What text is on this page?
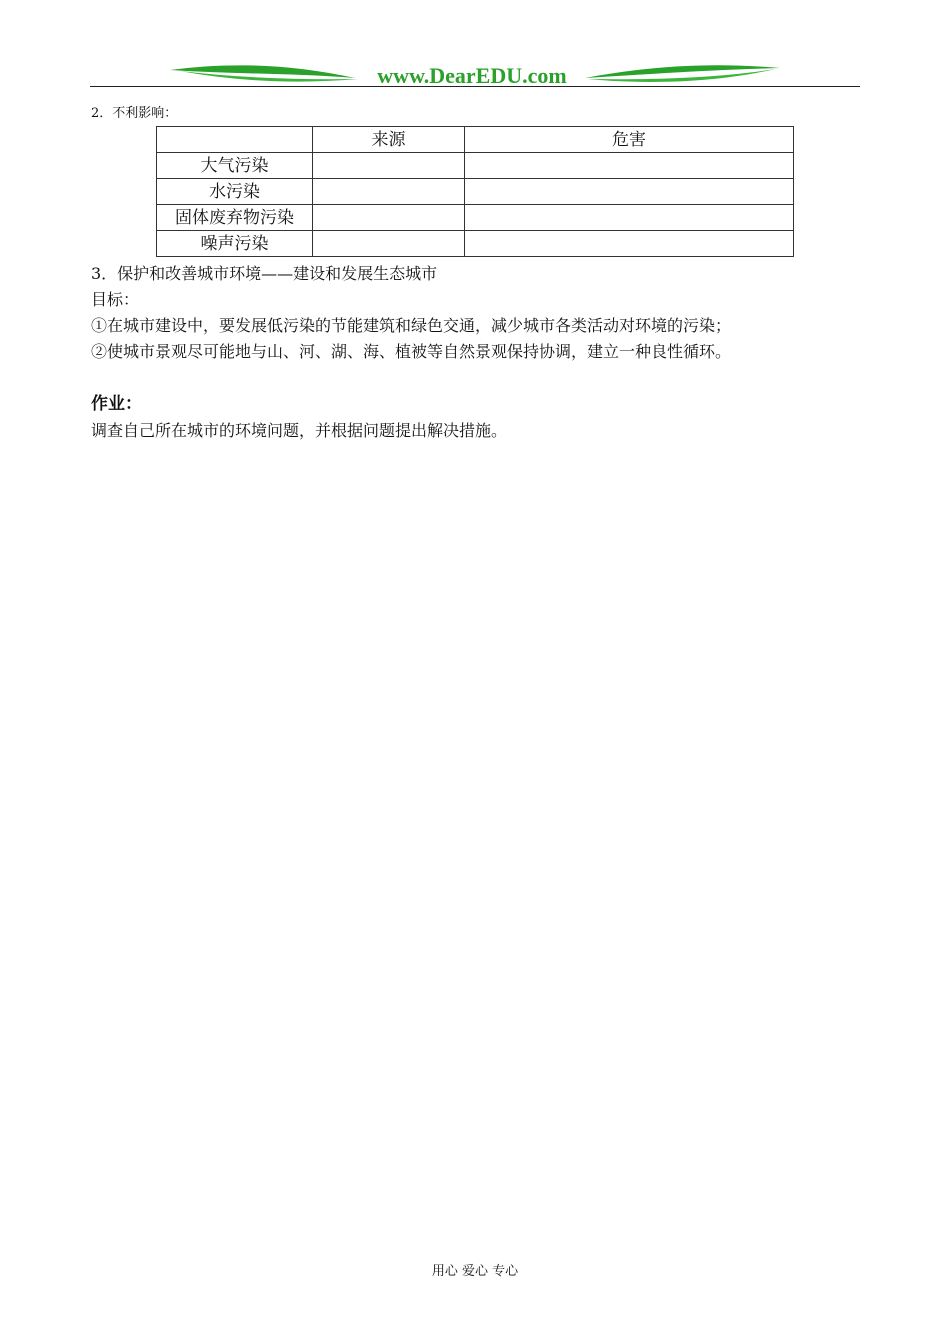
www.DearEDU.com
2．不利影响：
	来源	危害
大气污染		
水污染		
固体废弃物污染		
噪声污染		
3．保护和改善城市环境——建设和发展生态城市
目标：
①在城市建设中，要发展低污染的节能建筑和绿色交通，减少城市各类活动对环境的污染；
②使城市景观尽可能地与山、河、湖、海、植被等自然景观保持协调，建立一种良性循环。
作业：
调查自己所在城市的环境问题，并根据问题提出解决措施。
用心 爱心 专心
